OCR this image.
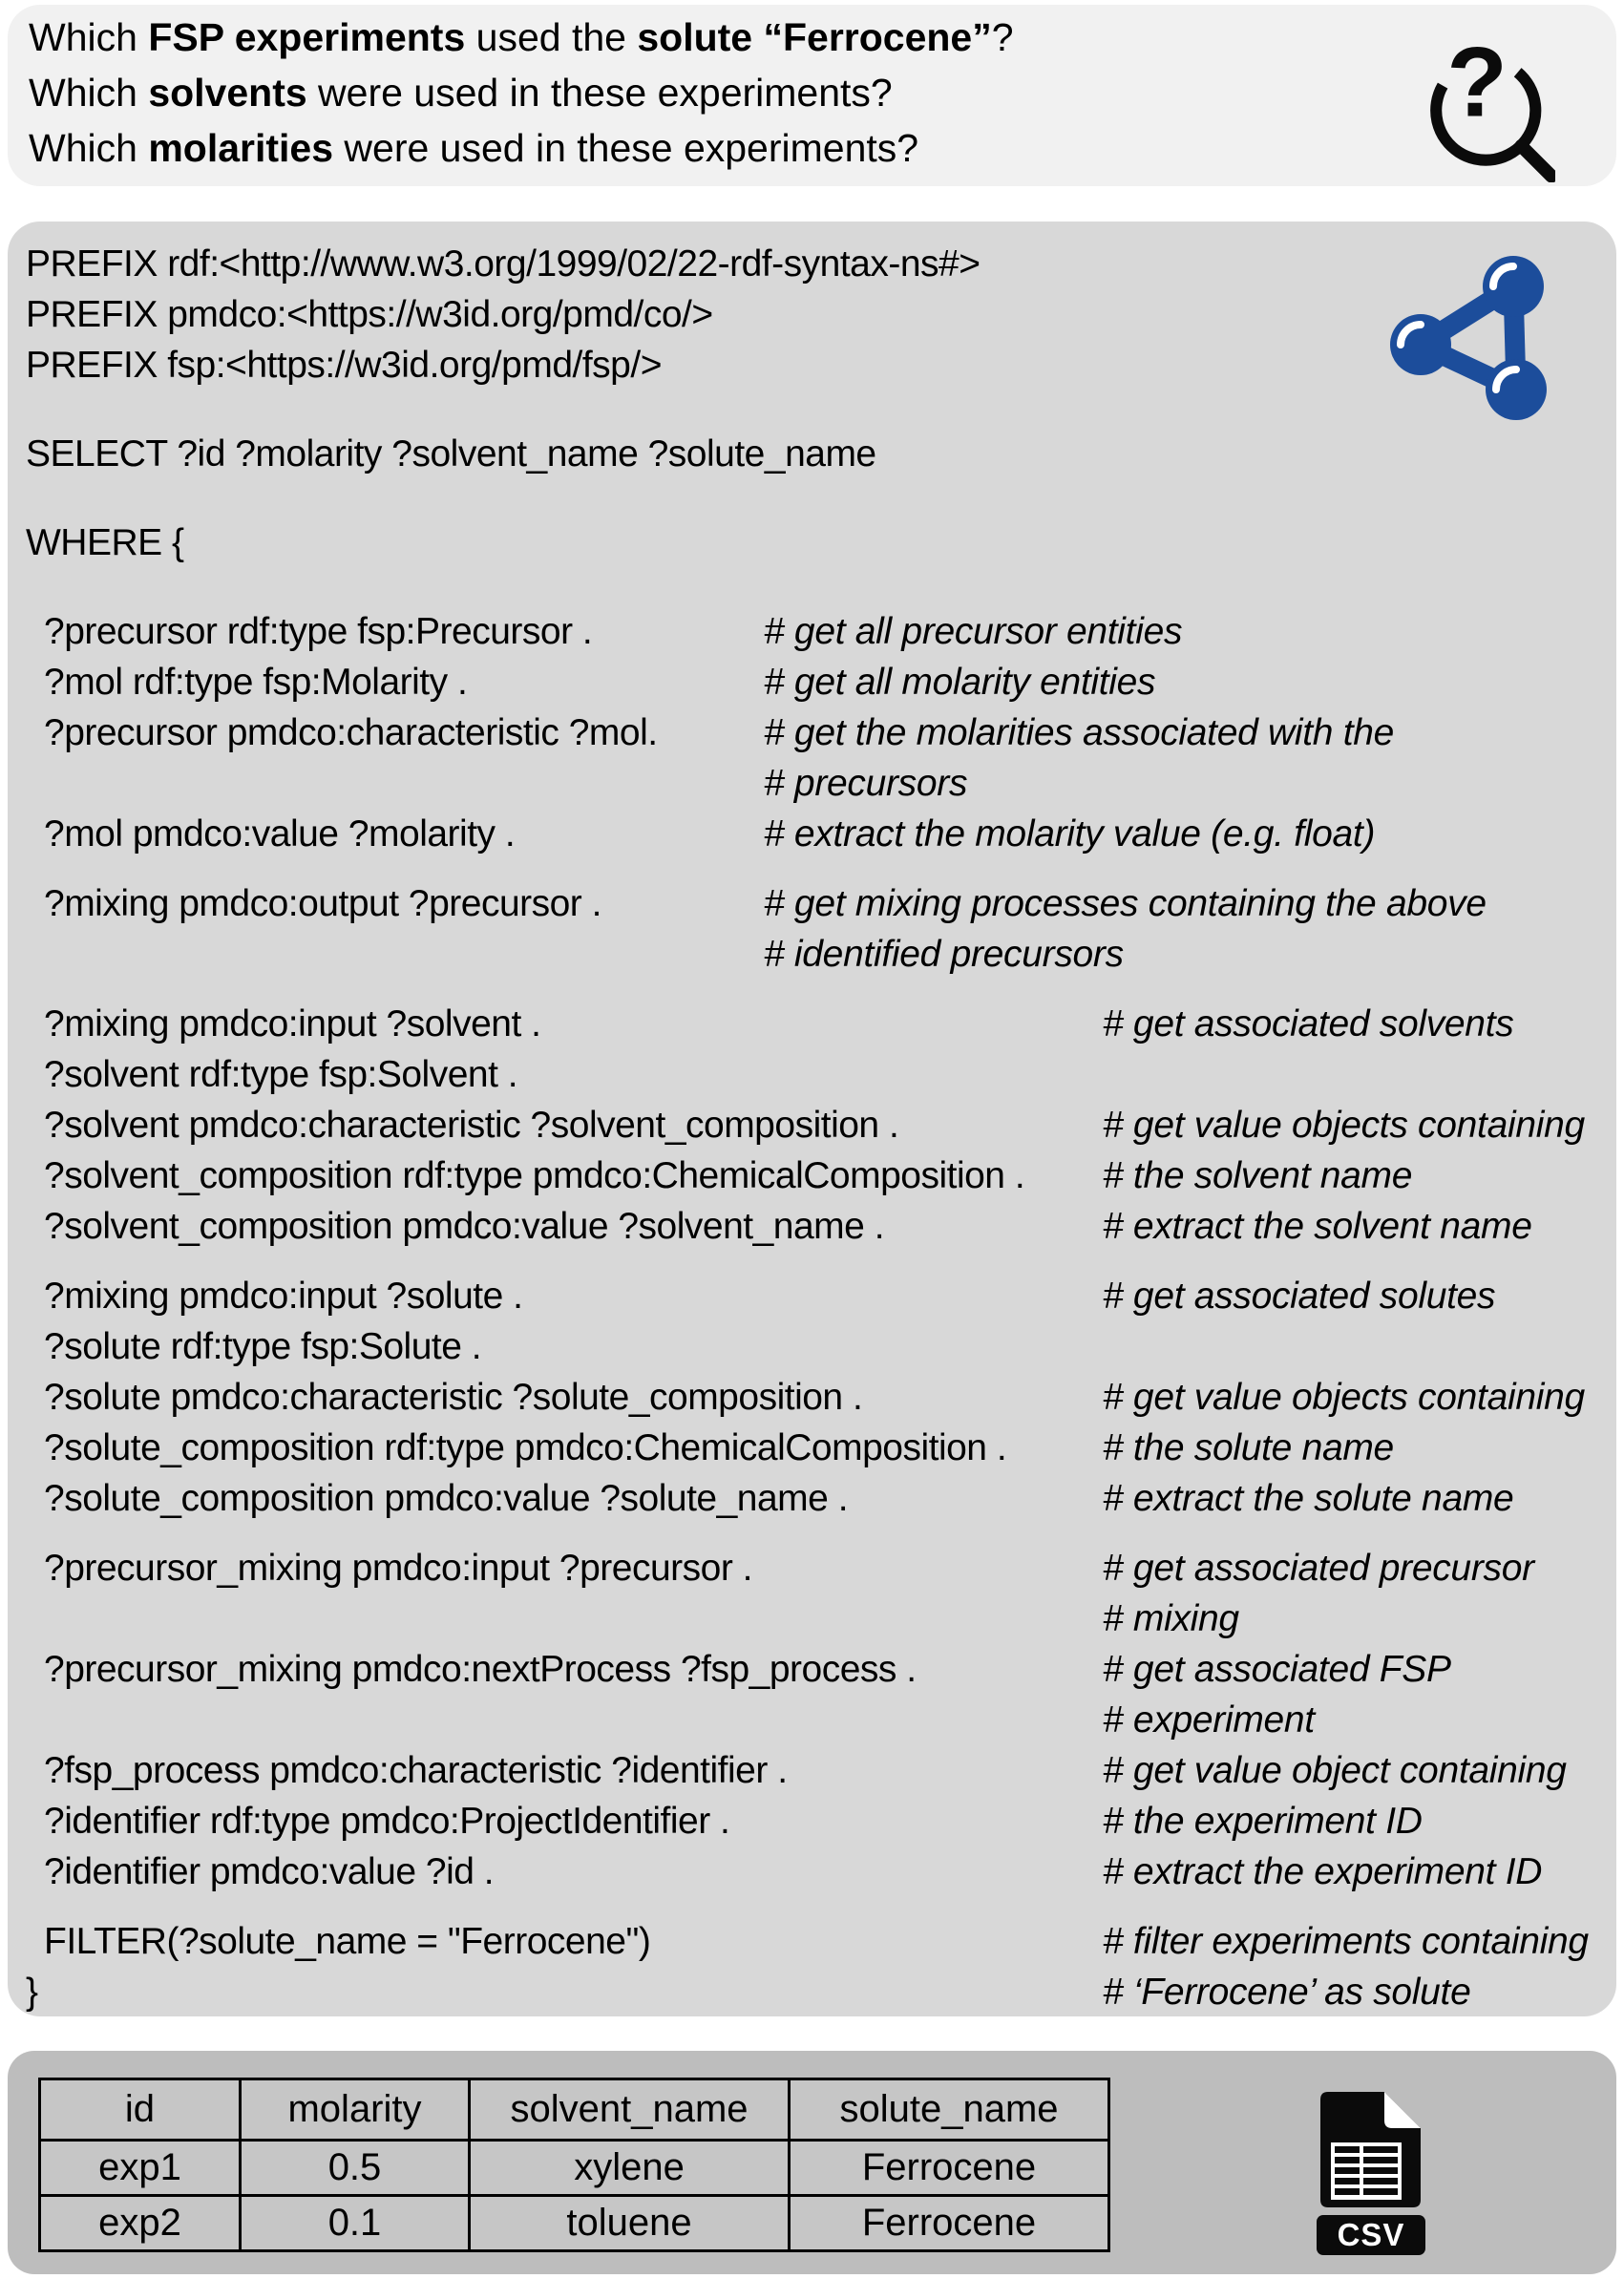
Which FSP experiments used the solute “Ferrocene”?
Which solvents were used in these experiments?
Which molarities were used in these experiments?
?
PREFIX rdf:<http://www.w3.org/1999/02/22-rdf-syntax-ns#>
PREFIX pmdco:<https://w3id.org/pmd/co/>
PREFIX fsp:<https://w3id.org/pmd/fsp/>
SELECT ?id ?molarity ?solvent_name ?solute_name
WHERE {
?precursor rdf:type fsp:Precursor .	# get all precursor entities
?mol rdf:type fsp:Molarity .	# get all molarity entities
?precursor pmdco:characteristic ?mol.	# get the molarities associated with the
# precursors
?mol pmdco:value ?molarity .	# extract the molarity value (e.g. float)
?mixing pmdco:output ?precursor .	# get mixing processes containing the above
# identified precursors
?mixing pmdco:input ?solvent .	# get associated solvents
?solvent rdf:type fsp:Solvent .
?solvent pmdco:characteristic ?solvent_composition .	# get value objects containing
?solvent_composition rdf:type pmdco:ChemicalComposition . # the solvent name
?solvent_composition pmdco:value ?solvent_name .	# extract the solvent name
?mixing pmdco:input ?solute .	# get associated solutes
?solute rdf:type fsp:Solute .
?solute pmdco:characteristic ?solute_composition .	# get value objects containing
?solute_composition rdf:type pmdco:ChemicalComposition .	# the solute name
?solute_composition pmdco:value ?solute_name .	# extract the solute name
?precursor_mixing pmdco:input ?precursor .	# get associated precursor
# mixing
?precursor_mixing pmdco:nextProcess ?fsp_process .	# get associated FSP
# experiment
?fsp_process pmdco:characteristic ?identifier .	# get value object containing
?identifier rdf:type pmdco:ProjectIdentifier .	# the experiment ID
?identifier pmdco:value ?id .	# extract the experiment ID
FILTER(?solute_name = "Ferrocene")	# filter experiments containing
}	# ‘Ferrocene’ as solute
id	molarity	solvent_name	solute_name
exp1	0.5	xylene	Ferrocene
exp2	0.1	toluene	Ferrocene	CSV
